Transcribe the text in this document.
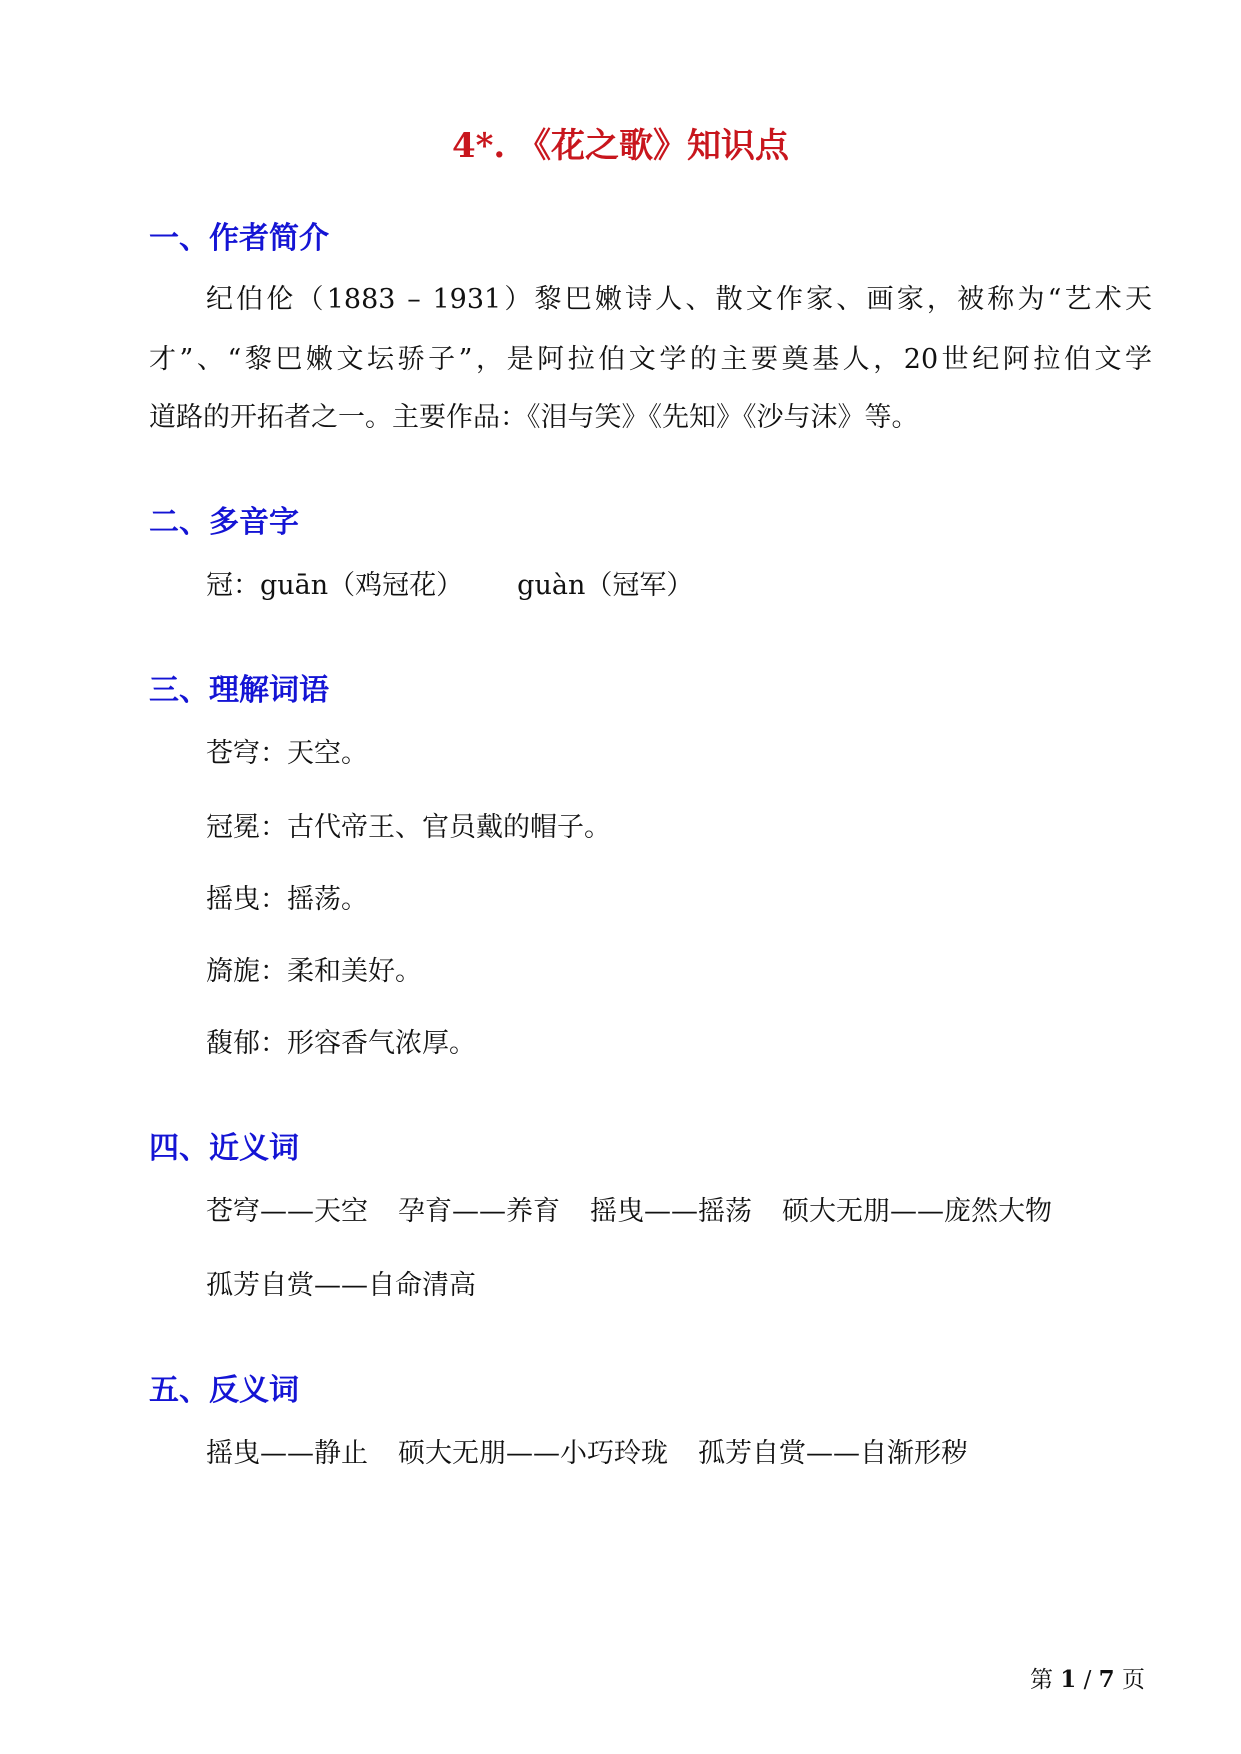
4*. 《花之歌》知识点
一、作者简介
纪伯伦（1883 – 1931）黎巴嫩诗人、散文作家、画家，被称为“艺术天
才”、“黎巴嫩文坛骄子”，是阿拉伯文学的主要奠基人，20世纪阿拉伯文学
道路的开拓者之一。主要作品：《泪与笑》《先知》《沙与沫》等。
二、多音字
冠：guān（鸡冠花） guàn（冠军）
三、理解词语
苍穹：天空。
冠冕：古代帝王、官员戴的帽子。
摇曳：摇荡。
旖旎：柔和美好。
馥郁：形容香气浓厚。
四、近义词
苍穹——天空 孕育——养育 摇曳——摇荡 硕大无朋——庞然大物
孤芳自赏——自命清高
五、反义词
摇曳——静止 硕大无朋——小巧玲珑 孤芳自赏——自渐形秽
第 1 / 7 页
